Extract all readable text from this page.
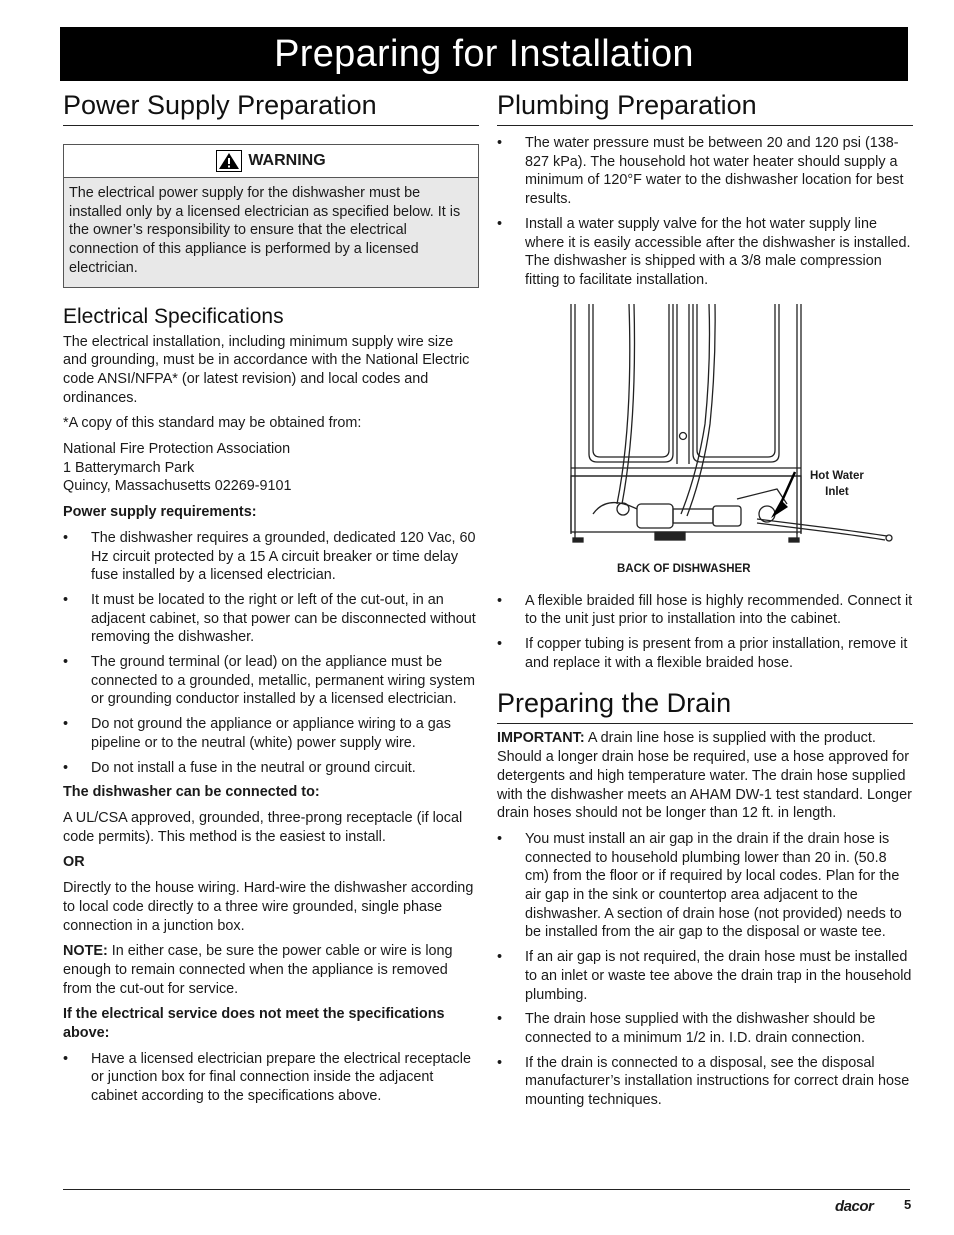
Preparing for Installation
Power Supply Preparation
WARNING
The electrical power supply for the dishwasher must be installed only by a licensed electrician as specified below. It is the owner’s responsibility to ensure that the electrical connection of this appliance is performed by a licensed electrician.
Electrical Specifications

The electrical installation, including minimum supply wire size and grounding, must be in accordance with the National Electric code ANSI/NFPA* (or latest revision) and local codes and ordinances.

*A copy of this standard may be obtained from:

National Fire Protection Association
1 Batterymarch Park
Quincy, Massachusetts 02269-9101

Power supply requirements:

• The dishwasher requires a grounded, dedicated 120 Vac, 60 Hz circuit protected by a 15 A circuit breaker or time delay fuse installed by a licensed electrician.
• It must be located to the right or left of the cut-out, in an adjacent cabinet, so that power can be disconnected without removing the dishwasher.
• The ground terminal (or lead) on the appliance must be connected to a grounded, metallic, permanent wiring system or grounding conductor installed by a licensed electrician.
• Do not ground the appliance or appliance wiring to a gas pipeline or to the neutral (white) power supply wire.
• Do not install a fuse in the neutral or ground circuit.

The dishwasher can be connected to:

A UL/CSA approved, grounded, three-prong receptacle (if local code permits). This method is the easiest to install.

OR

Directly to the house wiring. Hard-wire the dishwasher according to local code directly to a three wire grounded, single phase connection in a junction box.

NOTE: In either case, be sure the power cable or wire is long enough to remain connected when the appliance is removed from the cut-out for service.

If the electrical service does not meet the specifications above:

• Have a licensed electrician prepare the electrical receptacle or junction box for final connection inside the adjacent cabinet according to the specifications above.
Plumbing Preparation
• The water pressure must be between 20 and 120 psi (138-827 kPa). The household hot water heater should supply a minimum of 120°F water to the dishwasher location for best results.
• Install a water supply valve for the hot water supply line where it is easily accessible after the dishwasher is installed. The dishwasher is shipped with a 3/8 male compression fitting to facilitate installation.
Hot Water
Inlet
BACK OF DISHWASHER
• A flexible braided fill hose is highly recommended. Connect it to the unit just prior to installation into the cabinet.
• If copper tubing is present from a prior installation, remove it and replace it with a flexible braided hose.
Preparing the Drain

IMPORTANT: A drain line hose is supplied with the product. Should a longer drain hose be required, use a hose approved for detergents and high temperature water. The drain hose supplied with the dishwasher meets an AHAM DW-1 test standard. Longer drain hoses should not be longer than 12 ft. in length.

• You must install an air gap in the drain if the drain hose is connected to household plumbing lower than 20 in. (50.8 cm) from the floor or if required by local codes. Plan for the air gap in the sink or countertop area adjacent to the dishwasher. A section of drain hose (not provided) needs to be installed from the air gap to the disposal or waste tee.
• If an air gap is not required, the drain hose must be installed to an inlet or waste tee above the drain trap in the household plumbing.
• The drain hose supplied with the dishwasher should be connected to a minimum 1/2 in. I.D. drain connection.
• If the drain is connected to a disposal, see the disposal manufacturer’s installation instructions for correct drain hose mounting techniques.
dacor 5
